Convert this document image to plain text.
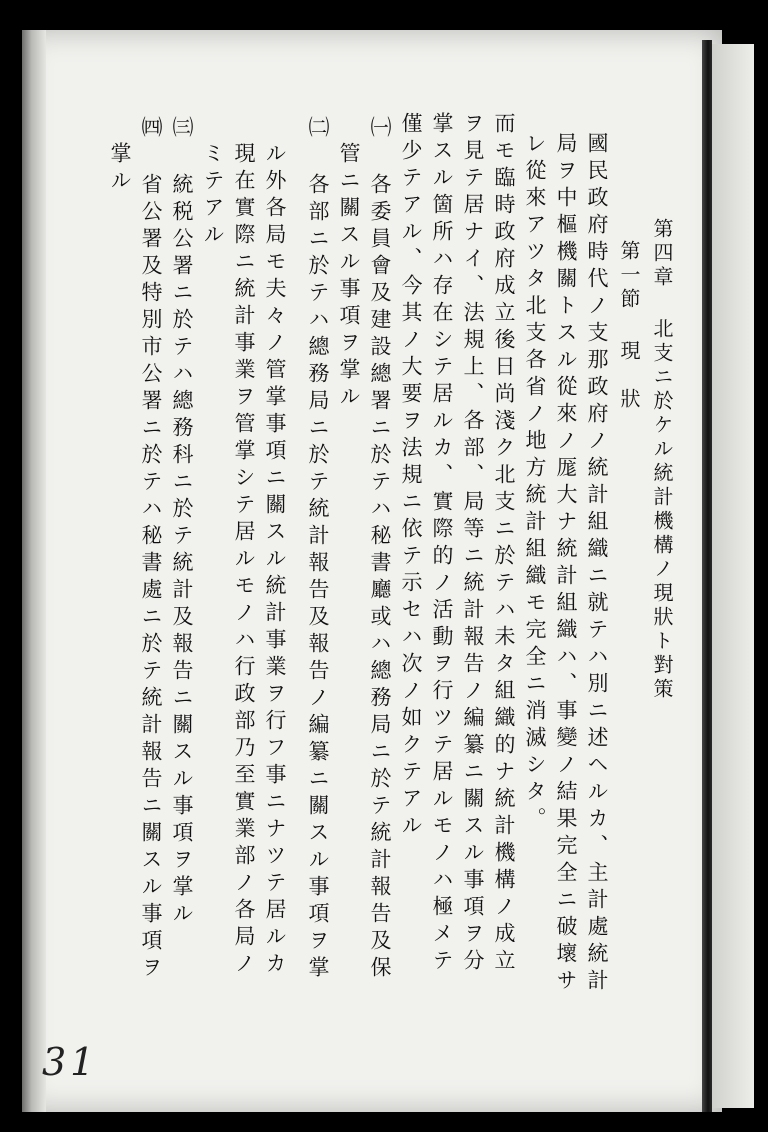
第四章 北支ニ於ケル統計機構ノ現狀ト對策
第一節 現　狀
國民政府時代ノ支那政府ノ統計組織ニ就テハ別ニ述ヘルカ、主計處統計
局ヲ中樞機關トスル從來ノ厖大ナ統計組織ハ、事變ノ結果完全ニ破壞サ
レ從來アツタ北支各省ノ地方統計組織モ完全ニ消滅シタ。
而モ臨時政府成立後日尚淺ク北支ニ於テハ未タ組織的ナ統計機構ノ成立
ヲ見テ居ナイ、法規上、各部、局等ニ統計報告ノ編纂ニ關スル事項ヲ分
掌スル箇所ハ存在シテ居ルカ、實際的ノ活動ヲ行ツテ居ルモノハ極メテ
僅少テアル、今其ノ大要ヲ法規ニ依テ示セハ次ノ如クテアル
㈠ 各委員會及建設總署ニ於テハ秘書廳或ハ總務局ニ於テ統計報告及保
管ニ關スル事項ヲ掌ル
㈡ 各部ニ於テハ總務局ニ於テ統計報告及報告ノ編纂ニ關スル事項ヲ掌
ル外各局モ夫々ノ管掌事項ニ關スル統計事業ヲ行フ事ニナツテ居ルカ
現在實際ニ統計事業ヲ管掌シテ居ルモノハ行政部乃至實業部ノ各局ノ
ミテアル
㈢ 統税公署ニ於テハ總務科ニ於テ統計及報告ニ關スル事項ヲ掌ル
㈣ 省公署及特別市公署ニ於テハ秘書處ニ於テ統計報告ニ關スル事項ヲ
掌ル
31
